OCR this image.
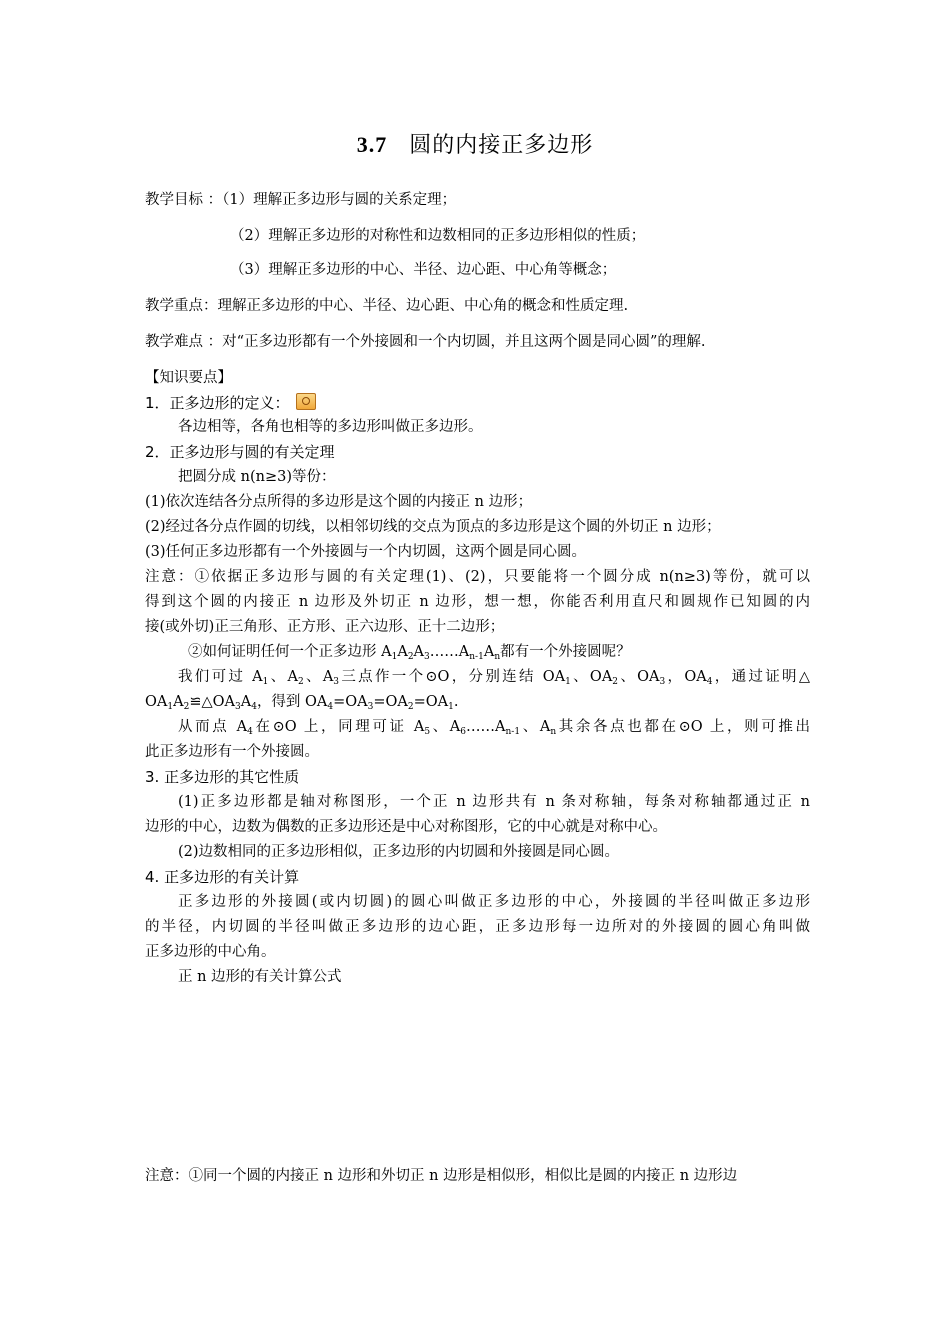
3.7 圆的内接正多边形
教学目标 ：（1）理解正多边形与圆的关系定理；
（2）理解正多边形的对称性和边数相同的正多边形相似的性质；
（3）理解正多边形的中心、半径、边心距、中心角等概念；
教学重点：理解正多边形的中心、半径、边心距、中心角的概念和性质定理.
教学难点 ：对“正多边形都有一个外接圆和一个内切圆，并且这两个圆是同心圆”的理解.
【知识要点】
1．正多边形的定义：
各边相等，各角也相等的多边形叫做正多边形。
2．正多边形与圆的有关定理
把圆分成 n(n≥3)等份：
(1)依次连结各分点所得的多边形是这个圆的内接正 n 边形；
(2)经过各分点作圆的切线，以相邻切线的交点为顶点的多边形是这个圆的外切正 n 边形；
(3)任何正多边形都有一个外接圆与一个内切圆，这两个圆是同心圆。
注意：①依据正多边形与圆的有关定理(1)、(2)，只要能将一个圆分成 n(n≥3)等份，就可以
得到这个圆的内接正 n 边形及外切正 n 边形，想一想，你能否利用直尺和圆规作已知圆的内
接(或外切)正三角形、正方形、正六边形、正十二边形；
②如何证明任何一个正多边形 $A_1A_2A_3\dots\dots A_{n-1}A_n$都有一个外接圆呢？
我们可过 $A_1$、$A_2$、$A_3$三点作一个⊙O，分别连结 $OA_1$、$OA_2$、$OA_3$，$OA_4$，通过证明△
$OA_1A_2≌\triangle OA_3A_4$，得到 $OA_4=OA_3=OA_2=OA_1$.
从而点 $A_4$在⊙O 上，同理可证 $A_5$、$A_6\dots\dots A_{n-1}$、$A_n$其余各点也都在⊙O 上，则可推出
此正多边形有一个外接圆。
3. 正多边形的其它性质
(1)正多边形都是轴对称图形，一个正 n 边形共有 n 条对称轴，每条对称轴都通过正 n
边形的中心，边数为偶数的正多边形还是中心对称图形，它的中心就是对称中心。
(2)边数相同的正多边形相似，正多边形的内切圆和外接圆是同心圆。
4. 正多边形的有关计算
正多边形的外接圆(或内切圆)的圆心叫做正多边形的中心，外接圆的半径叫做正多边形
的半径，内切圆的半径叫做正多边形的边心距，正多边形每一边所对的外接圆的圆心角叫做
正多边形的中心角。
正 n 边形的有关计算公式
注意：①同一个圆的内接正 n 边形和外切正 n 边形是相似形，相似比是圆的内接正 n 边形边
